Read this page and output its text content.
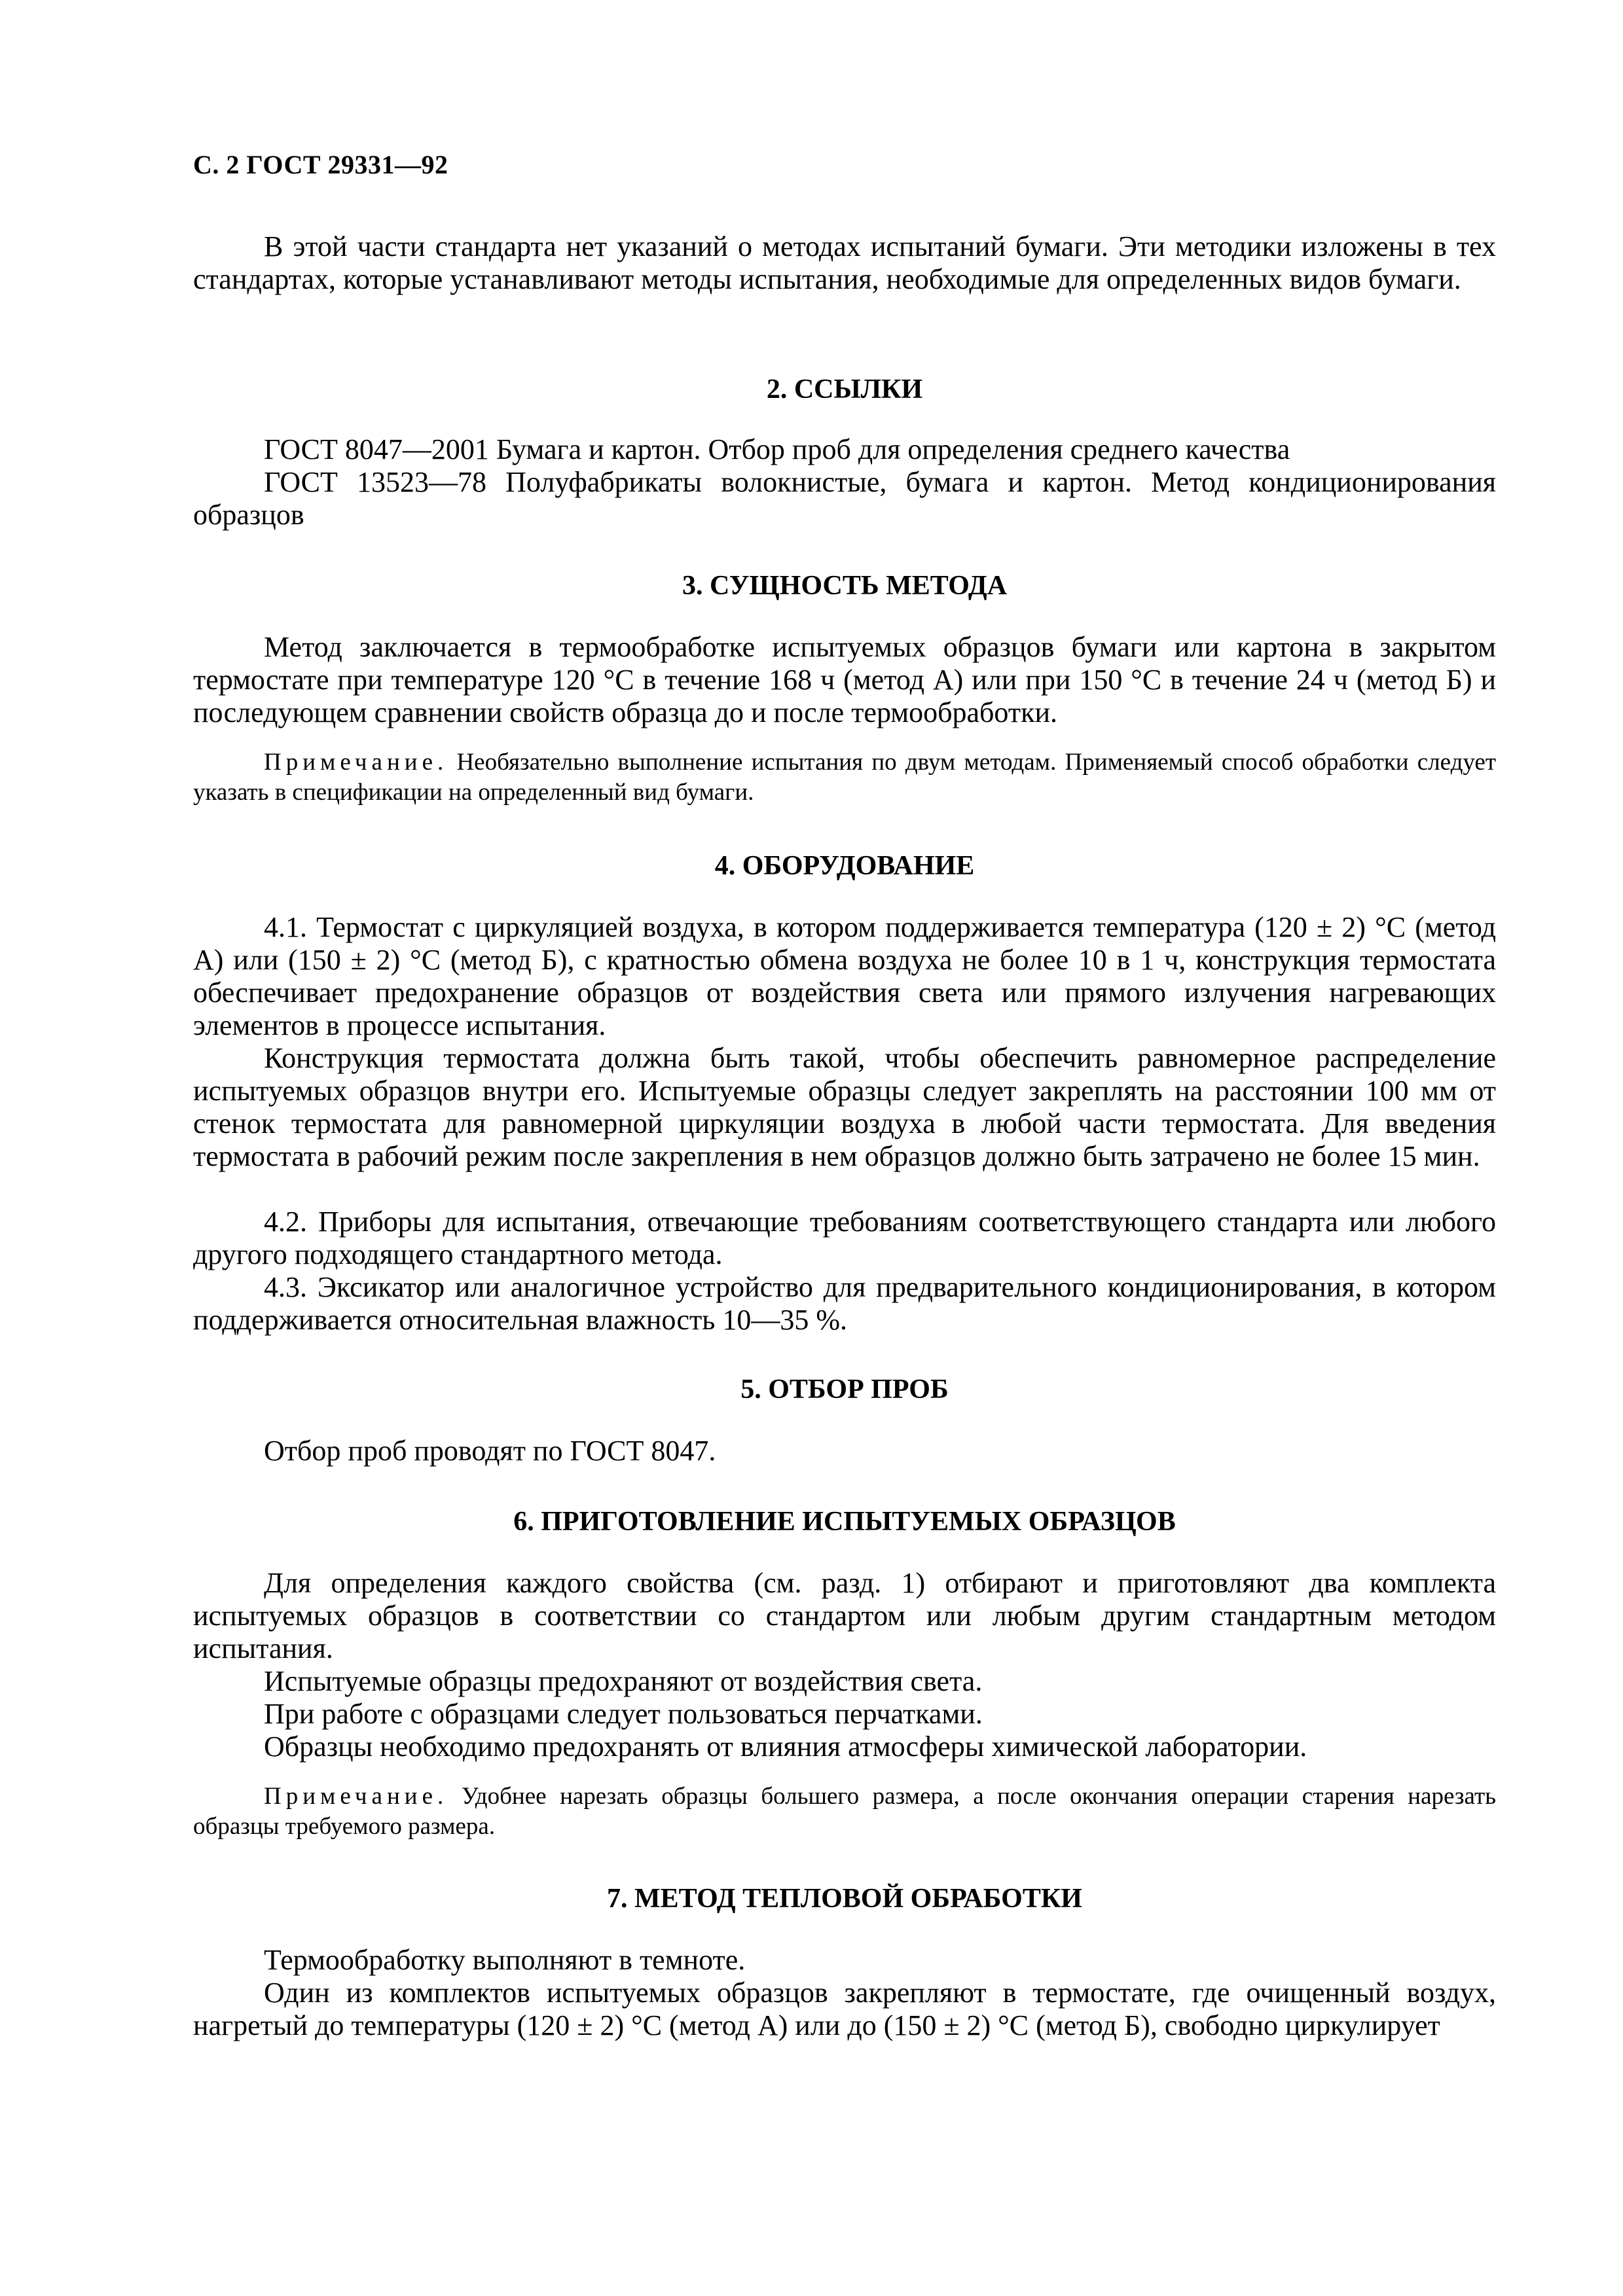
С. 2 ГОСТ 29331—92

В этой части стандарта нет указаний о методах испытаний бумаги. Эти методики изложены в тех стандартах, которые устанавливают методы испытания, необходимые для определенных видов бумаги.

2. ССЫЛКИ

ГОСТ 8047—2001 Бумага и картон. Отбор проб для определения среднего качества

ГОСТ 13523—78 Полуфабрикаты волокнистые, бумага и картон. Метод кондиционирования образцов

3. СУЩНОСТЬ МЕТОДА

Метод заключается в термообработке испытуемых образцов бумаги или картона в закрытом термостате при температуре 120 °С в течение 168 ч (метод А) или при 150 °С в течение 24 ч (метод Б) и последующем сравнении свойств образца до и после термообработки.

Примечание. Необязательно выполнение испытания по двум методам. Применяемый способ обработки следует указать в спецификации на определенный вид бумаги.

4. ОБОРУДОВАНИЕ

4.1. Термостат с циркуляцией воздуха, в котором поддерживается температура (120 ± 2) °С (метод А) или (150 ± 2) °С (метод Б), с кратностью обмена воздуха не более 10 в 1 ч, конструкция термостата обеспечивает предохранение образцов от воздействия света или прямого излучения нагревающих элементов в процессе испытания.

Конструкция термостата должна быть такой, чтобы обеспечить равномерное распределение испытуемых образцов внутри его. Испытуемые образцы следует закреплять на расстоянии 100 мм от стенок термостата для равномерной циркуляции воздуха в любой части термостата. Для введения термостата в рабочий режим после закрепления в нем образцов должно быть затрачено не более 15 мин.

4.2. Приборы для испытания, отвечающие требованиям соответствующего стандарта или любого другого подходящего стандартного метода.

4.3. Эксикатор или аналогичное устройство для предварительного кондиционирования, в котором поддерживается относительная влажность 10—35 %.

5. ОТБОР ПРОБ

Отбор проб проводят по ГОСТ 8047.

6. ПРИГОТОВЛЕНИЕ ИСПЫТУЕМЫХ ОБРАЗЦОВ

Для определения каждого свойства (см. разд. 1) отбирают и приготовляют два комплекта испытуемых образцов в соответствии со стандартом или любым другим стандартным методом испытания.

Испытуемые образцы предохраняют от воздействия света.

При работе с образцами следует пользоваться перчатками.

Образцы необходимо предохранять от влияния атмосферы химической лаборатории.

Примечание. Удобнее нарезать образцы большего размера, а после окончания операции старения нарезать образцы требуемого размера.

7. МЕТОД ТЕПЛОВОЙ ОБРАБОТКИ

Термообработку выполняют в темноте.

Один из комплектов испытуемых образцов закрепляют в термостате, где очищенный воздух, нагретый до температуры (120 ± 2) °С (метод А) или до (150 ± 2) °С (метод Б), свободно циркулирует
